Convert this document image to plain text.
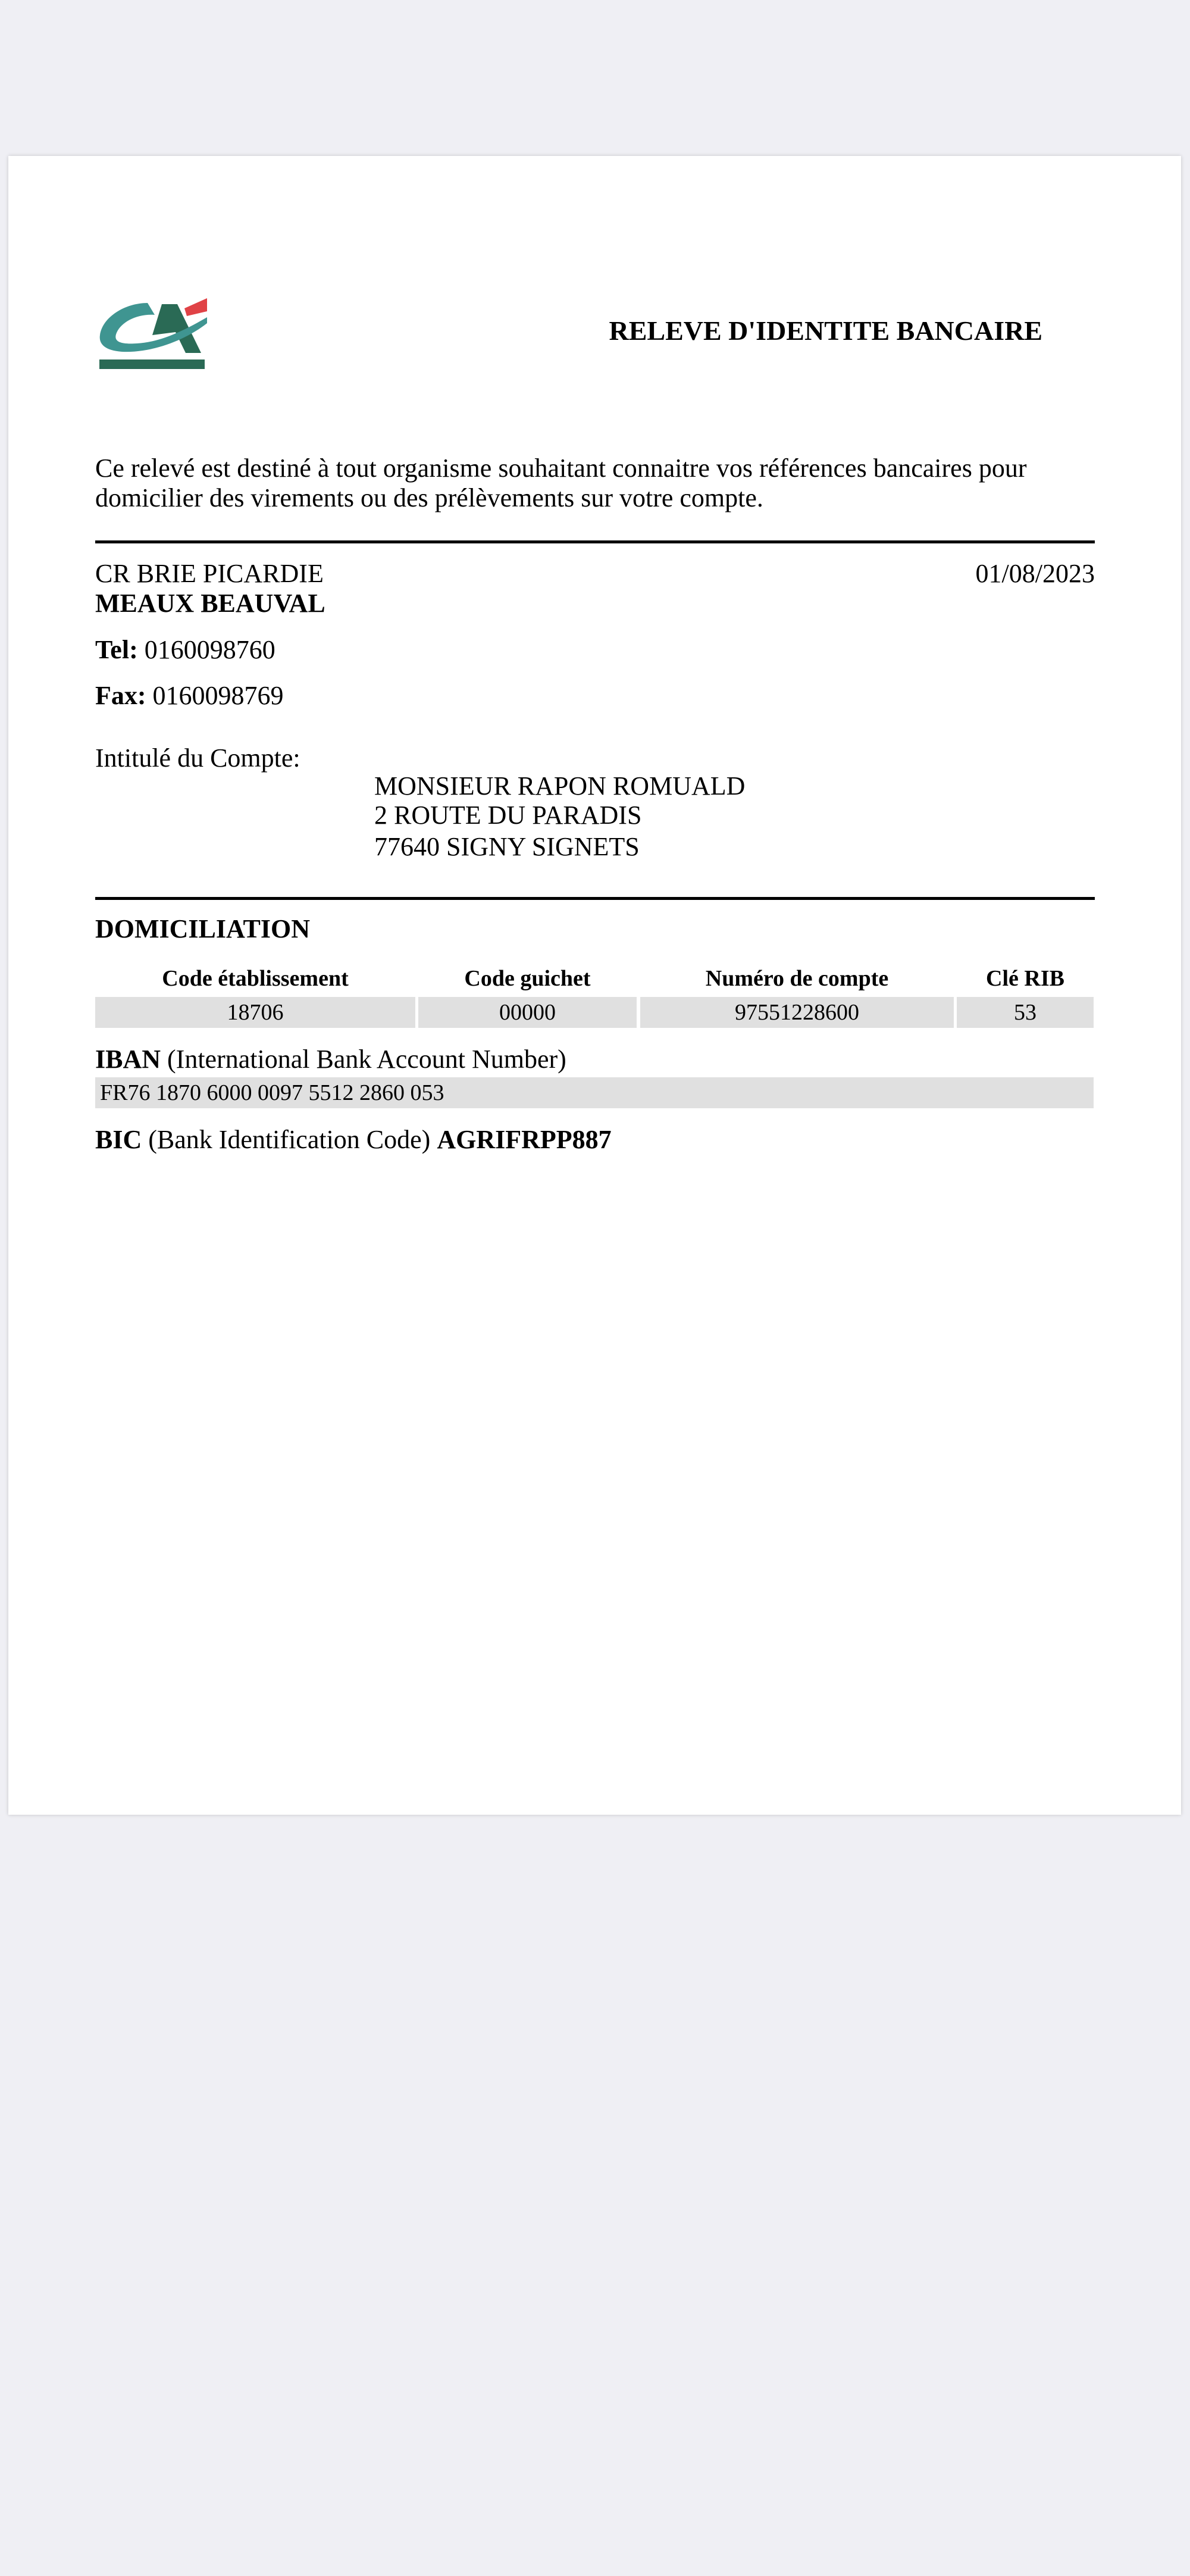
RELEVE D'IDENTITE BANCAIRE
Ce relevé est destiné à tout organisme souhaitant connaitre vos références bancaires pour
domicilier des virements ou des prélèvements sur votre compte.
CR BRIE PICARDIE	01/08/2023
MEAUX BEAUVAL
Tel: 0160098760
Fax: 0160098769
Intitulé du Compte:
MONSIEUR RAPON ROMUALD
2 ROUTE DU PARADIS
77640 SIGNY SIGNETS
DOMICILIATION
Code établissement	Code guichet	Numéro de compte	Clé RIB
18706	00000	97551228600	53
IBAN (International Bank Account Number)
FR76 1870 6000 0097 5512 2860 053
BIC (Bank Identification Code) AGRIFRPP887
